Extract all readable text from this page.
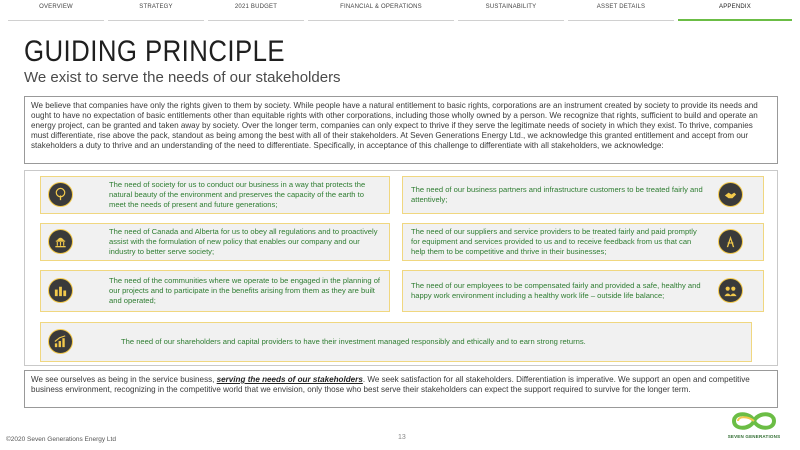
OVERVIEW	STRATEGY	2021 BUDGET	FINANCIAL & OPERATIONS	SUSTAINABILITY	ASSET DETAILS	APPENDIX
GUIDING PRINCIPLE
We exist to serve the needs of our stakeholders
We believe that companies have only the rights given to them by society. While people have a natural entitlement to basic rights, corporations are an instrument created by society to provide its needs and ought to have no expectation of basic entitlements other than equitable rights with other corporations, including those wholly owned by a person. We recognize that rights, sufficient to build and operate an energy project, can be granted and taken away by society. Over the longer term, companies can only expect to thrive if they serve the legitimate needs of society in which they exist. To thrive, companies must differentiate, rise above the pack, standout as being among the best with all of their stakeholders. At Seven Generations Energy Ltd., we acknowledge this granted entitlement and accept from our stakeholders a duty to thrive and an understanding of the need to differentiate. Specifically, in acceptance of this challenge to differentiate with all stakeholders, we acknowledge:
The need of society for us to conduct our business in a way that protects the natural beauty of the environment and preserves the capacity of the earth to meet the needs of present and future generations;
The need of Canada and Alberta for us to obey all regulations and to proactively assist with the formulation of new policy that enables our company and our industry to better serve society;
The need of the communities where we operate to be engaged in the planning of our projects and to participate in the benefits arising from them as they are built and operated;
The need of our business partners and infrastructure customers to be treated fairly and attentively;
The need of our suppliers and service providers to be treated fairly and paid promptly for equipment and services provided to us and to receive feedback from us that can help them to be competitive and thrive in their businesses;
The need of our employees to be compensated fairly and provided a safe, healthy and happy work environment including a healthy work life – outside life balance;
The need of our shareholders and capital providers to have their investment managed responsibly and ethically and to earn strong returns.
We see ourselves as being in the service business, serving the needs of our stakeholders. We seek satisfaction for all stakeholders. Differentiation is imperative. We support an open and competitive business environment, recognizing in the competitive world that we envision, only those who best serve their stakeholders can expect the support required to survive for the longer term.
©2020 Seven Generations Energy Ltd	13	SEVEN GENERATIONS
